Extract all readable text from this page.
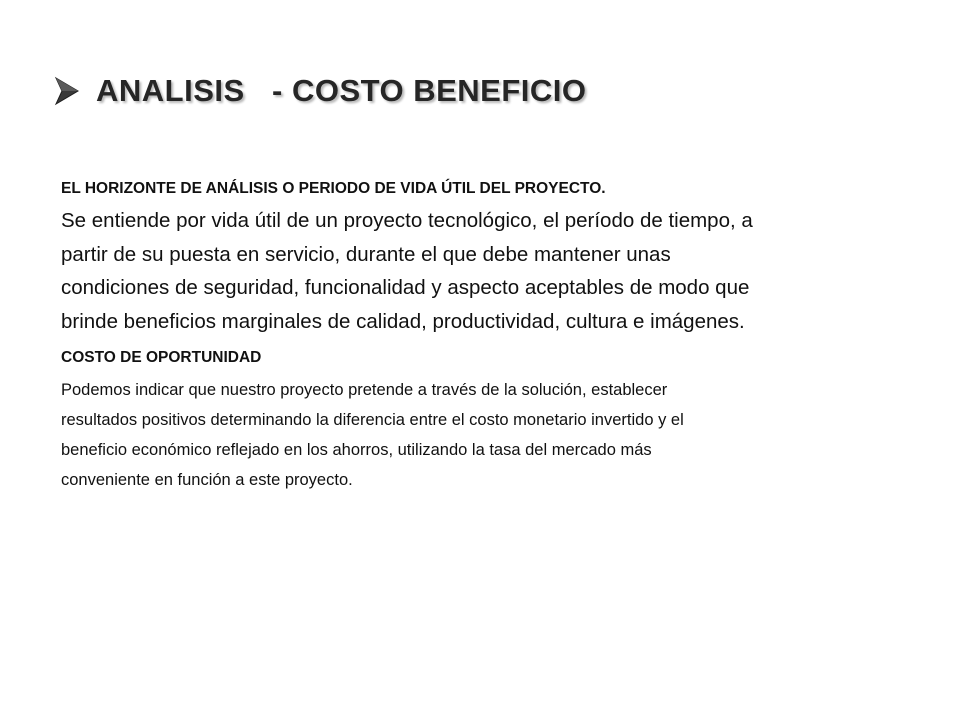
ANALISIS   - COSTO BENEFICIO
EL HORIZONTE DE ANÁLISIS O PERIODO DE VIDA ÚTIL DEL PROYECTO.
Se entiende por vida útil de un proyecto tecnológico, el período de tiempo, a
partir de su puesta en servicio, durante el que debe mantener unas
condiciones de seguridad, funcionalidad y aspecto aceptables de modo que
brinde beneficios marginales de calidad, productividad, cultura e imágenes.
COSTO DE OPORTUNIDAD
Podemos indicar que nuestro proyecto pretende a través de la solución, establecer
resultados positivos determinando la diferencia entre el costo monetario invertido y el
beneficio económico reflejado en los ahorros, utilizando la tasa del mercado más
conveniente en función a este proyecto.
